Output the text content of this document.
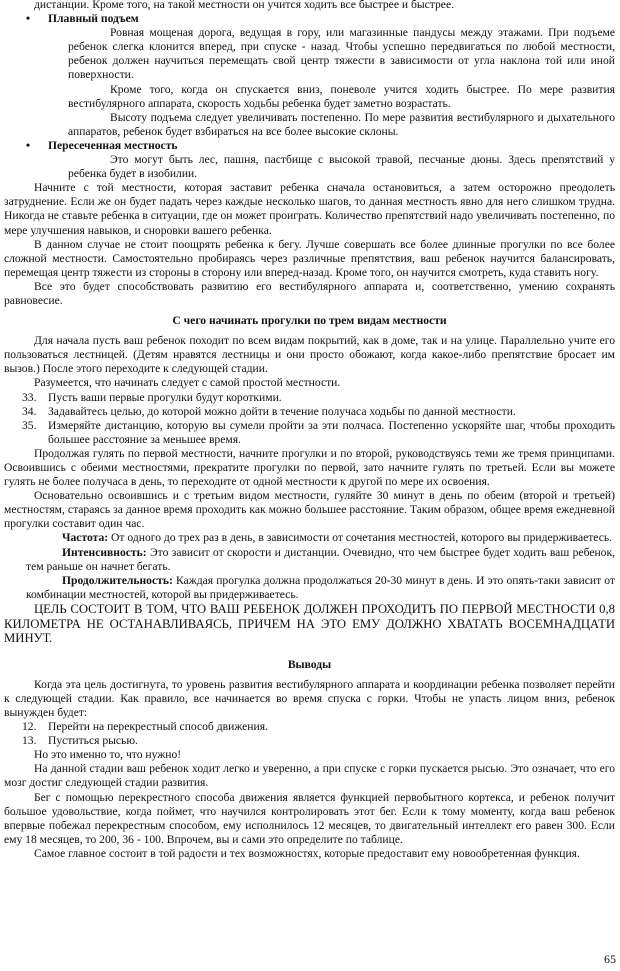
дистанции. Кроме того, на такой местности он учится ходить все быстрее и быстрее.

• Плавный подъем

Ровная мощеная дорога, ведущая в гору, или магазинные пандусы между этажами. При подъеме ребенок слегка клонится вперед, при спуске - назад. Чтобы успешно передвигаться по любой местности, ребенок должен научиться перемещать свой центр тяжести в зависимости от угла наклона той или иной поверхности.

Кроме того, когда он спускается вниз, поневоле учится ходить быстрее. По мере развития вестибулярного аппарата, скорость ходьбы ребенка будет заметно возрастать.

Высоту подъема следует увеличивать постепенно. По мере развития вестибулярного и дыхательного аппаратов, ребенок будет взбираться на все более высокие склоны.

• Пересеченная местность

Это могут быть лес, пашня, пастбище с высокой травой, песчаные дюны. Здесь препятствий у ребенка будет в изобилии.

Начните с той местности, которая заставит ребенка сначала остановиться, а затем осторожно преодолеть затруднение. Если же он будет падать через каждые несколько шагов, то данная местность явно для него слишком трудна. Никогда не ставьте ребенка в ситуации, где он может проиграть. Количество препятствий надо увеличивать постепенно, по мере улучшения навыков, и сноровки вашего ребенка.

В данном случае не стоит поощрять ребенка к бегу. Лучше совершать все более длинные прогулки по все более сложной местности. Самостоятельно пробираясь через различные препятствия, ваш ребенок научится балансировать, перемещая центр тяжести из стороны в сторону или вперед-назад. Кроме того, он научится смотреть, куда ставить ногу.

Все это будет способствовать развитию его вестибулярного аппарата и, соответственно, умению сохранять равновесие.

С чего начинать прогулки по трем видам местности

Для начала пусть ваш ребенок походит по всем видам покрытий, как в доме, так и на улице. Параллельно учите его пользоваться лестницей. (Детям нравятся лестницы и они просто обожают, когда какое-либо препятствие бросает им вызов.) После этого переходите к следующей стадии.

Разумеется, что начинать следует с самой простой местности.

33. Пусть ваши первые прогулки будут короткими.

34. Задавайтесь целью, до которой можно дойти в течение получаса ходьбы по данной местности.

35. Измеряйте дистанцию, которую вы сумели пройти за эти полчаса. Постепенно ускоряйте шаг, чтобы проходить большее расстояние за меньшее время.

Продолжая гулять по первой местности, начните прогулки и по второй, руководствуясь теми же тремя принципами. Освоившись с обеими местностями, прекратите прогулки по первой, зато начните гулять по третьей. Если вы можете гулять не более получаса в день, то переходите от одной местности к другой по мере их освоения.

Основательно освоившись и с третьим видом местности, гуляйте 30 минут в день по обеим (второй и третьей) местностям, стараясь за данное время проходить как можно большее расстояние. Таким образом, общее время ежедневной прогулки составит один час.

Частота: От одного до трех раз в день, в зависимости от сочетания местностей, которого вы придерживаетесь.

Интенсивность: Это зависит от скорости и дистанции. Очевидно, что чем быстрее будет ходить ваш ребенок, тем раньше он начнет бегать.

Продолжительность: Каждая прогулка должна продолжаться 20-30 минут в день. И это опять-таки зависит от комбинации местностей, которой вы придерживаетесь.

ЦЕЛЬ СОСТОИТ В ТОМ, ЧТО ВАШ РЕБЕНОК ДОЛЖЕН ПРОХОДИТЬ ПО ПЕРВОЙ МЕСТНОСТИ 0,8 КИЛОМЕТРА НЕ ОСТАНАВЛИВАЯСЬ, ПРИЧЕМ НА ЭТО ЕМУ ДОЛЖНО ХВАТАТЬ ВОСЕМНАДЦАТИ МИНУТ.

Выводы

Когда эта цель достигнута, то уровень развития вестибулярного аппарата и координации ребенка позволяет перейти к следующей стадии. Как правило, все начинается во время спуска с горки. Чтобы не упасть лицом вниз, ребенок вынужден будет:

12. Перейти на перекрестный способ движения.

13. Пуститься рысью.

Но это именно то, что нужно!

На данной стадии ваш ребенок ходит легко и уверенно, а при спуске с горки пускается рысью. Это означает, что его мозг достиг следующей стадии развития.

Бег с помощью перекрестного способа движения является функцией первобытного кортекса, и ребенок получит большое удовольствие, когда поймет, что научился контролировать этот бег. Если к тому моменту, когда ваш ребенок впервые побежал перекрестным способом, ему исполнилось 12 месяцев, то двигательный интеллект его равен 300. Если ему 18 месяцев, то 200, 36 - 100. Впрочем, вы и сами это определите по таблице.

Самое главное состоит в той радости и тех возможностях, которые предоставит ему новообретенная функция.

65
